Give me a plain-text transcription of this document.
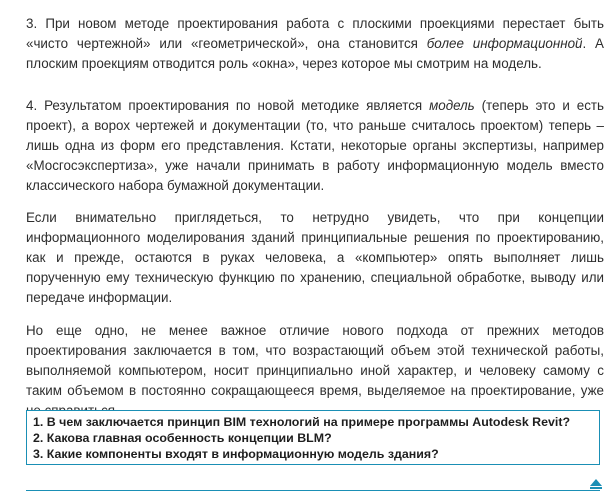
3. При новом методе проектирования работа с плоскими проекциями перестает быть «чисто чертежной» или «геометрической», она становится более информационной. А плоским проекциям отводится роль «окна», через которое мы смотрим на модель.

4. Результатом проектирования по новой методике является модель (теперь это и есть проект), а ворох чертежей и документации (то, что раньше считалось проектом) теперь – лишь одна из форм его представления. Кстати, некоторые органы экспертизы, например «Мосгосэкспертиза», уже начали принимать в работу информационную модель вместо классического набора бумажной документации.

Если внимательно приглядеться, то нетрудно увидеть, что при концепции информационного моделирования зданий принципиальные решения по проектированию, как и прежде, остаются в руках человека, а «компьютер» опять выполняет лишь порученную ему техническую функцию по хранению, специальной обработке, выводу или передаче информации.

Но еще одно, не менее важное отличие нового подхода от прежних методов проектирования заключается в том, что возрастающий объем этой технической работы, выполняемой компьютером, носит принципиально иной характер, и человеку самому с таким объемом в постоянно сокращающееся время, выделяемое на проектирование, уже

1. В чем заключается принцип BIM технологий на примере программы Autodesk Revit?
2. Какова главная особенность концепции BLM?
3. Какие компоненты входят в информационную модель здания?
